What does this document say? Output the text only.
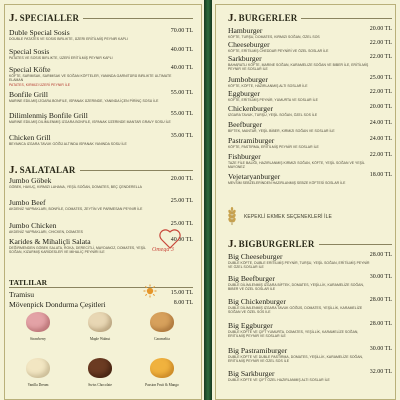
J. SPECIALLER
Duble Special Sosis	70.00 TL
DOUBLE PATATES VE SOSIS BIRLIKTE, ÜZERI ERİTİLMİŞ PEYNIR KAPLI
Special Sosis	40.00 TL
PATATES VE SOSIS BIRLIKTE, ÜZERİ ERİTİLMİŞ PEYNIR KAPLI
Special Köfte	40.00 TL
KÖFTE, SARIMSAK, SARIMSAK VE SOĞAN KÖFTELER, YANINDA GARNITÜRÜ BIRLIKTE ULTIMATE ELAMAN
PATATES, KIRMIZI ÜZERİ PEYNIR İLE
Bonfile Grill	55.00 TL
MARINE EDILMIŞ IZGARA BONFILE, ISPANAK ÜZERINDE, YANINDA İÇEN PİRİNÇ SOSU İLE
Dilimlenmiş Bonfile Grill	55.00 TL
MARINE EDILMIŞ DILIMLENMIŞ IZGARA BONFILE, ISPANAK ÜZERINDE MANTAR GRAVY SOSU İLE
Chicken Grill	35.00 TL
BEYAWCA IZGARA TAVUK GÖĞÜ ALTINDA ISPANAK YANINDA SOSU İLE
J. SALATALAR
Jumbo Göbek	20.00 TL
GÖBEK, HAVUÇ, KIRMIZI LAHANA, YEŞİL SOĞAN, DOMATES, BEÇ ÇENDERELLA
Jumbo Beef	25.00 TL
AKDENİZ YAPRAKLARI, BONFİLE, DOMATES, ZEYTİN VE PARMESAN PEYNIR İLE
Jumbo Chicken	25.00 TL
AKDENİZ YAPRAKLARI, CHICKEN, DOMATES
Karides & Mihaliçli Salata	40.00 TL
DEĞİRMENDEN GÖBEK SALATA, ROKA, DERECİTLİ, MAYDANOZ, DOMATES, YEŞİL SOĞAN, KIZARMIŞ KARİDESLER VE MİHALİÇ PEYNİRİ İLE	Omega 3
TATLILAR
Tramisu	15.00 TL
Mövenpick Dondurma Çeşitleri	8.00 TL
Strawberry	Maple Walnut	Caramelita
Vanilla Dream	Swiss Chocolate	Passion Fruit & Mango
J. BURGERLER
Hamburger	20.00 TL
KÖFTE, TURŞU, DOMATES, KIRMIZI SOĞAN, ÖZEL SOS
Cheeseburger	22.00 TL
KÖFTE, ERİTİLMİŞ CHEDDAR PEYNİRİ VE ÖZEL SOSLAR İLE
Sarkburger	22.00 TL
BAHARATLI KÖFTE, MARINE SOĞAN, KARAMELIZE SOĞAN VE BIBER İLE, ERİTİLMİŞ PEYNİR VE SOSLAR İLE
Jumboburger	25.00 TL
KÖFTE, KÖFTE, HAZIRLANMIŞ ALTI SOSLAR İLE
Eggburger	22.00 TL
KÖFTE, ERİTİLMİŞ PEYNİR, YUMURTA VE SOSLAR İLE
Chickenburger	20.00 TL
IZGARA TAVUK, TURŞU, YEŞİL SOĞAN, ÖZEL SOS İLE
Beefburger	24.00 TL
BİFTEK, MANTAR, YEŞİL BİBER, KIRMIZI SOĞAN VE SOSLAR İLE
Pastramiburger	24.00 TL
KÖFTE, PASTIRMA, ERİTİLMİŞ PEYNİR VE SOSLAR İLE
Fishburger	22.00 TL
TAZE FİLE BALIĞI, HAZIRLANMIŞ KIRMIZI SOĞAN, KÖFTE, YEŞİL SOĞAN VE YEŞİL MAYONEZ
Vejetaryanburger	18.00 TL
MEVSİM SEBZELERİNDEN HAZIRLANMIŞ SEBZE KÖFTESİ SOSLAR İLE
KEPEKLİ EKMEK SEÇENEKLERİ İLE
J. BIGBURGERLER
Big Cheeseburger	28.00 TL
DUBLE KÖFTE, DUBLE ERİTİLMİŞ PEYNİR, TURŞU, YEŞİL SOĞAN, ERİTİLMİŞ PEYNİR VE ÖZEL SOSLAR İLE
Big Beefburger	30.00 TL
DUBLE DİLİMLENMİŞ IZGARA BİFTEK, DOMATES, YEŞİLLİK, KARAMELİZE SOĞAN, BIBER VE ÖZEL SOSLAR İLE
Big Chickenburger	28.00 TL
DUBLE DİLİMLENMİŞ IZGARA TAVUK GÖĞÜS, DOMATES, YEŞİLLİK, KARAMELİZE SOĞAN VE ÖZEL SOS İLE
Big Eggburger	28.00 TL
DUBLE KÖFTE VE ÇİFT YUMURTA, DOMATES, YEŞİLLİK, KARAMELİZE SOĞAN, ERİTİLMİŞ PEYNİR VE SOSLAR İLE
Big Pastramiburger	30.00 TL
DUBLE KÖFTE VE DUBLE PASTIRMA, DOMATES, YEŞİLLİK, KARAMELİZE SOĞAN, ERİTİLMİŞ PEYNİR VE ÖZEL SOS İLE
Big Sarkburger	32.00 TL
DUBLE KÖFTE VE ÇİFT ÖZEL HAZIRLANMIŞ ALTI SOSLAR İLE
